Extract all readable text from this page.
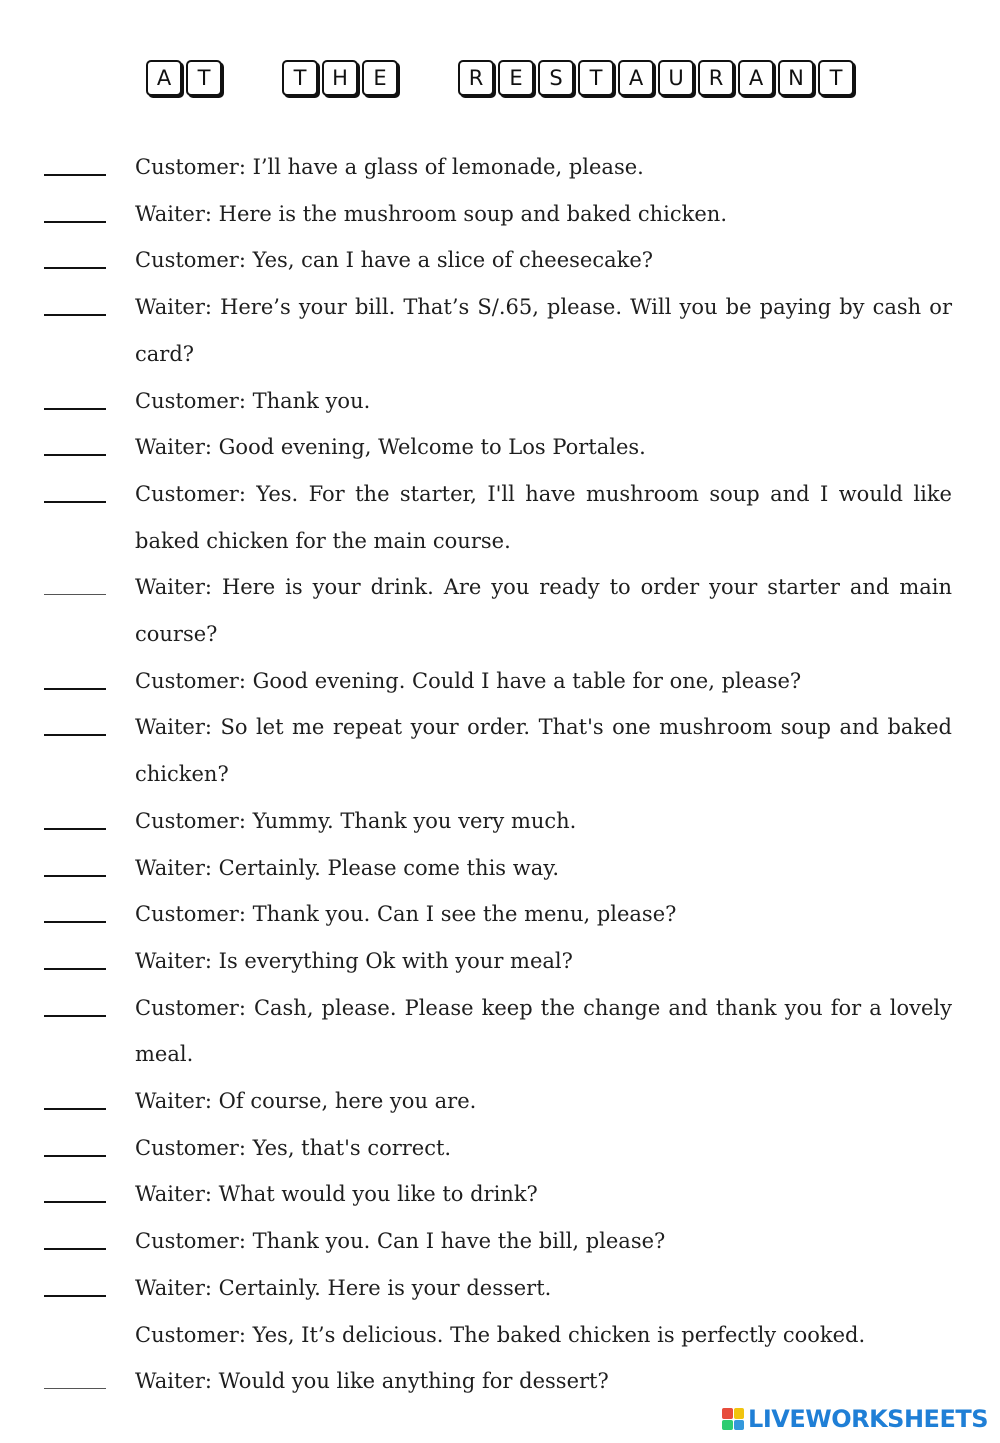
A	T	T	H	E	R	E	S	T	A	U	R	A	N	T
Customer: I’ll have a glass of lemonade, please.
Waiter: Here is the mushroom soup and baked chicken.
Customer: Yes, can I have a slice of cheesecake?
Waiter: Here’s your bill. That’s S/.65, please. Will you be paying by cash or card?
Customer: Thank you.
Waiter: Good evening, Welcome to Los Portales.
Customer: Yes. For the starter, I'll have mushroom soup and I would like baked chicken for the main course.
Waiter: Here is your drink. Are you ready to order your starter and main course?
Customer: Good evening. Could I have a table for one, please?
Waiter: So let me repeat your order. That's one mushroom soup and baked chicken?
Customer: Yummy. Thank you very much.
Waiter: Certainly. Please come this way.
Customer: Thank you. Can I see the menu, please?
Waiter: Is everything Ok with your meal?
Customer: Cash, please. Please keep the change and thank you for a lovely meal.
Waiter: Of course, here you are.
Customer: Yes, that's correct.
Waiter: What would you like to drink?
Customer: Thank you. Can I have the bill, please?
Waiter: Certainly. Here is your dessert.
Customer: Yes, It’s delicious. The baked chicken is perfectly cooked.
Waiter: Would you like anything for dessert?
LIVEWORKSHEETS
